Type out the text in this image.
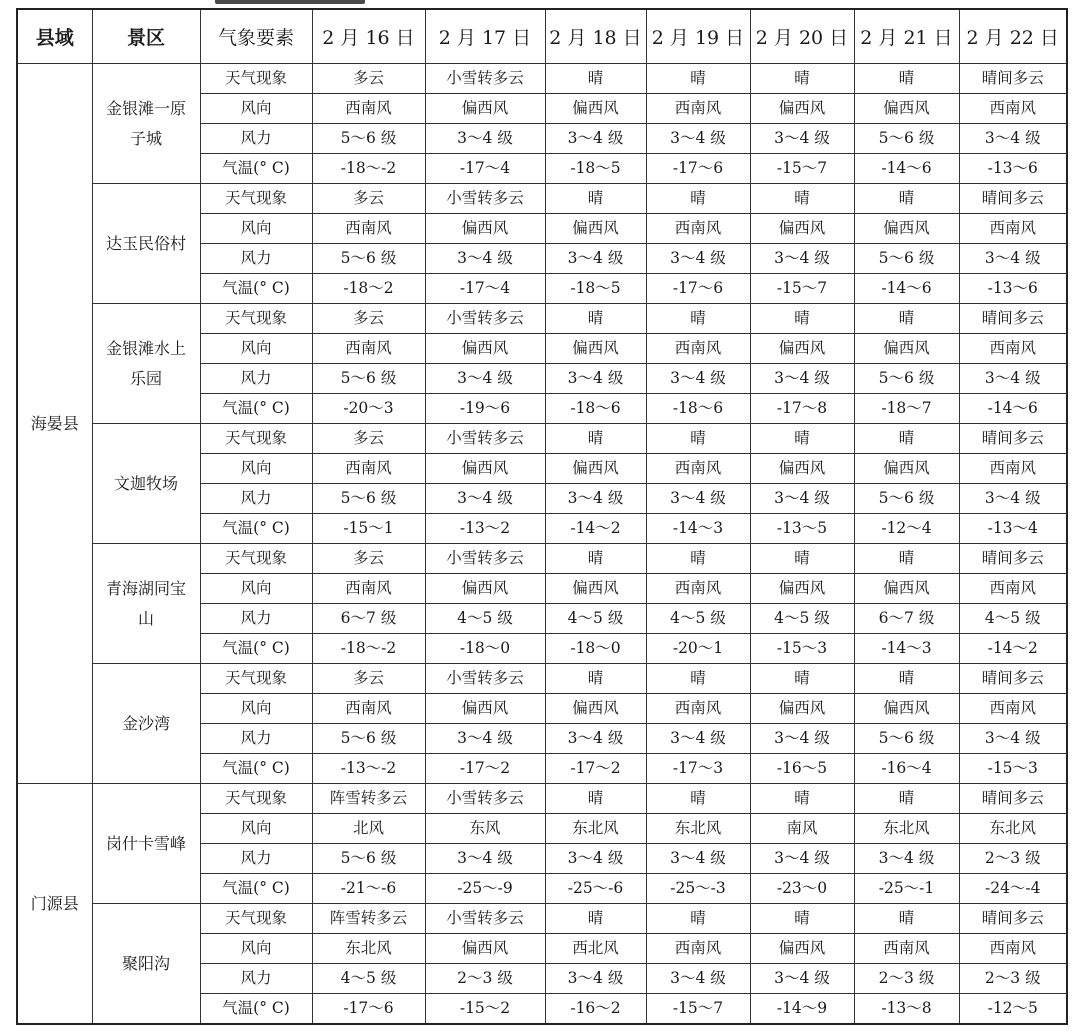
县域	景区	气象要素	2 月 16 日	2 月 17 日	2 月 18 日	2 月 19 日	2 月 20 日	2 月 21 日	2 月 22 日
海晏县	金银滩一原子城	天气现象	多云	小雪转多云	晴	晴	晴	晴	晴间多云
		风向	西南风	偏西风	偏西风	西南风	偏西风	偏西风	西南风
		风力	5～6 级	3～4 级	3～4 级	3～4 级	3～4 级	5～6 级	3～4 级
		气温(° C)	-18～-2	-17～4	-18～5	-17～6	-15～7	-14～6	-13～6
	达玉民俗村	天气现象	多云	小雪转多云	晴	晴	晴	晴	晴间多云
		风向	西南风	偏西风	偏西风	西南风	偏西风	偏西风	西南风
		风力	5～6 级	3～4 级	3～4 级	3～4 级	3～4 级	5～6 级	3～4 级
		气温(° C)	-18～2	-17～4	-18～5	-17～6	-15～7	-14～6	-13～6
	金银滩水上乐园	天气现象	多云	小雪转多云	晴	晴	晴	晴	晴间多云
		风向	西南风	偏西风	偏西风	西南风	偏西风	偏西风	西南风
		风力	5～6 级	3～4 级	3～4 级	3～4 级	3～4 级	5～6 级	3～4 级
		气温(° C)	-20～3	-19～6	-18～6	-18～6	-17～8	-18～7	-14～6
	文迦牧场	天气现象	多云	小雪转多云	晴	晴	晴	晴	晴间多云
		风向	西南风	偏西风	偏西风	西南风	偏西风	偏西风	西南风
		风力	5～6 级	3～4 级	3～4 级	3～4 级	3～4 级	5～6 级	3～4 级
		气温(° C)	-15～1	-13～2	-14～2	-14～3	-13～5	-12～4	-13～4
	青海湖同宝山	天气现象	多云	小雪转多云	晴	晴	晴	晴	晴间多云
		风向	西南风	偏西风	偏西风	西南风	偏西风	偏西风	西南风
		风力	6～7 级	4～5 级	4～5 级	4～5 级	4～5 级	6～7 级	4～5 级
		气温(° C)	-18～-2	-18～0	-18～0	-20～1	-15～3	-14～3	-14～2
	金沙湾	天气现象	多云	小雪转多云	晴	晴	晴	晴	晴间多云
		风向	西南风	偏西风	偏西风	西南风	偏西风	偏西风	西南风
		风力	5～6 级	3～4 级	3～4 级	3～4 级	3～4 级	5～6 级	3～4 级
		气温(° C)	-13～-2	-17～2	-17～2	-17～3	-16～5	-16～4	-15～3
门源县	岗什卡雪峰	天气现象	阵雪转多云	小雪转多云	晴	晴	晴	晴	晴间多云
		风向	北风	东风	东北风	东北风	南风	东北风	东北风
		风力	5～6 级	3～4 级	3～4 级	3～4 级	3～4 级	3～4 级	2～3 级
		气温(° C)	-21～-6	-25～-9	-25～-6	-25～-3	-23～0	-25～-1	-24～-4
	聚阳沟	天气现象	阵雪转多云	小雪转多云	晴	晴	晴	晴	晴间多云
		风向	东北风	偏西风	西北风	西南风	偏西风	西南风	西南风
		风力	4～5 级	2～3 级	3～4 级	3～4 级	3～4 级	2～3 级	2～3 级
		气温(° C)	-17～6	-15～2	-16～2	-15～7	-14～9	-13～8	-12～5
